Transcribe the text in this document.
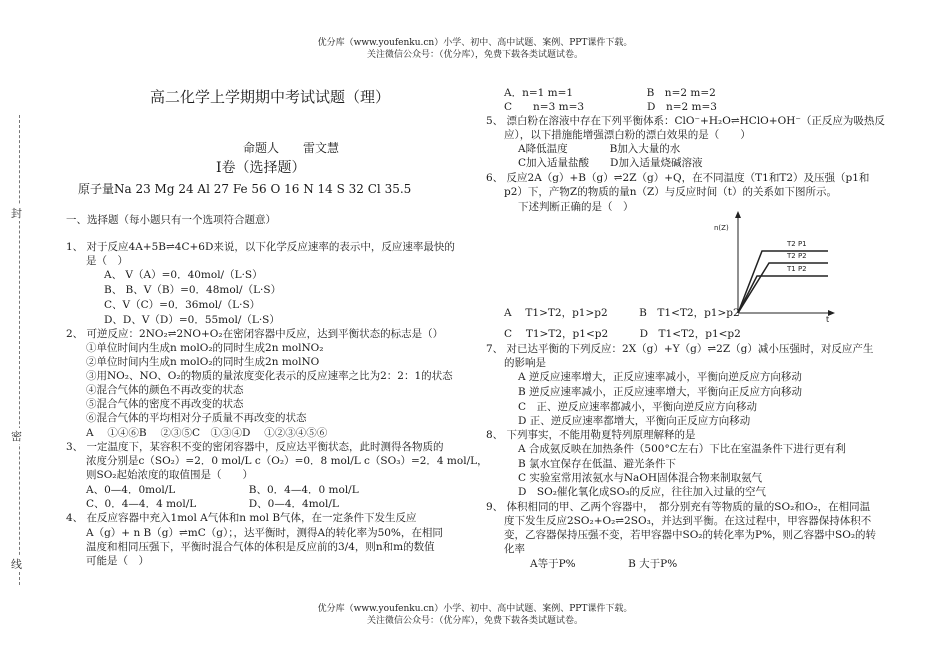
优分库（www.youfenku.cn）小学、初中、高中试题、案例、PPT课件下载。
关注微信公众号：（优分库），免费下载各类试题试卷。
优分库（www.youfenku.cn）小学、初中、高中试题、案例、PPT课件下载。
关注微信公众号：（优分库），免费下载各类试题试卷。
封
密
线
高二化学上学期期中考试试题（理）
命题人　　雷文慧
I卷（选择题）
原子量Na 23 Mg 24 Al 27 Fe 56 O 16 N 14 S 32 Cl 35.5
一、选择题（每小题只有一个选项符合题意）
1、 对于反应4A+5B⇌4C+6D来说，以下化学反应速率的表示中，反应速率最快的
是（　）
A、 V（A）=0．40mol/（L·S）
B、 B、V（B）=0．48mol/（L·S）
C、V（C）=0．36mol/（L·S）
D、D、V（D）=0．55mol/（L·S）
2、 可逆反应：2NO₂⇌2NO+O₂在密闭容器中反应，达到平衡状态的标志是（）
①单位时间内生成n molO₂的同时生成2n molNO₂
②单位时间内生成n molO₂的同时生成2n molNO
③用NO₂、NO、O₂的物质的量浓度变化表示的反应速率之比为2：2：1的状态
④混合气体的颜色不再改变的状态
⑤混合气体的密度不再改变的状态
⑥混合气体的平均相对分子质量不再改变的状态
A　 ①④⑥B　 ②③⑤C　①③④D　 ①②③④⑤⑥
3、 一定温度下，某容积不变的密闭容器中，反应达平衡状态，此时测得各物质的
浓度分别是c（SO₂）=2．0 mol/L c（O₂）=0．8 mol/L c（SO₃）=2．4 mol/L，
则SO₂起始浓度的取值围是（　　）
A、0—4．0mol/L　　　　　　　B、0．4—4．0 mol/L
C、0．4—4．4 mol/L　　　　　D、0—4．4mol/L
4、 在反应容器中充入1mol A气体和n mol B气体，在一定条件下发生反应
A（g）+ n B（g）⇌mC（g）；，达平衡时，测得A的转化率为50%，在相同
温度和相同压强下，平衡时混合气体的体积是反应前的3/4，则n和m的数值
可能是（　）
A．n=1 m=1　　　　　　　B　n=2 m=2
C　　n=3 m=3　　　　　　D　n=2 m=3
5、 漂白粉在溶液中存在下列平衡体系：ClO⁻+H₂O⇌HClO+OH⁻（正反应为吸热反
应），以下措施能增强漂白粉的漂白效果的是（　　）
A降低温度　　　　B加入大量的水
C加入适量盐酸　　D加入适量烧碱溶液
6、 反应2A（g）+B（g）⇌2Z（g）+Q，在不同温度（T1和T2）及压强（p1和
p2）下，产物Z的物质的量n（Z）与反应时间（t）的关系如下图所示。
下述判断正确的是（　）
n(Z)
t
T2 P1
T2 P2
T1 P2
A　 T1>T2，p1>p2　　　B　T1<T2，p1>p2
C　 T1>T2，p1<p2　　　D　T1<T2，p1<p2
7、 对已达平衡的下列反应：2X（g）+Y（g）⇌2Z（g）减小压强时，对反应产生
的影响是
A 逆反应速率增大，正反应速率减小，平衡向逆反应方向移动
B 逆反应速率减小，正反应速率增大，平衡向正反应方向移动
C　正、逆反应速率都减小，平衡向逆反应方向移动
D 正、逆反应速率都增大，平衡向正反应方向移动
8、 下列事实，不能用勒夏特列原理解释的是
A 合成氨反映在加热条件（500°C左右）下比在室温条件下进行更有利
B 氯水宜保存在低温、避光条件下
C 实验室常用浓氨水与NaOH固体混合物来制取氨气
D　SO₂催化氧化成SO₃的反应，往往加入过量的空气
9、 体积相同的甲、乙两个容器中，　都分别充有等物质的量的SO₂和O₂，在相同温
度下发生反应2SO₂+O₂⇌2SO₃，并达到平衡。在这过程中，甲容器保持体积不
变，乙容器保持压强不变，若甲容器中SO₂的转化率为P%，则乙容器中SO₂的转
化率
A等于P%　　　　　B 大于P%
